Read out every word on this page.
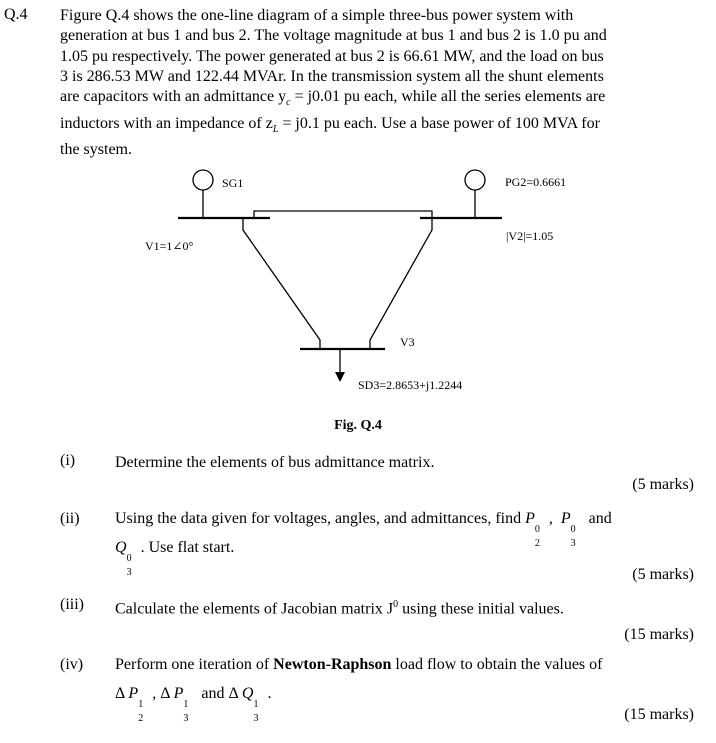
Q.4 Figure Q.4 shows the one-line diagram of a simple three-bus power system with
generation at bus 1 and bus 2. The voltage magnitude at bus 1 and bus 2 is 1.0 pu and
1.05 pu respectively. The power generated at bus 2 is 66.61 MW, and the load on bus
3 is 286.53 MW and 122.44 MVAr. In the transmission system all the shunt elements
are capacitors with an admittance $y_c = j0.01$ pu each, while all the series elements are
inductors with an impedance of $z_L = j0.1$ pu each. Use a base power of 100 MVA for
the system.
SG1	PG2=0.6661
V1=1∠0°
|V2|=1.05
V3
SD3=2.8653+j1.2244
Fig. Q.4
(i) Determine the elements of bus admittance matrix.
(5 marks)
(ii) Using the data given for voltages, angles, and admittances, find P
0
2
,  P
0
3
and
Q
0
3
. Use flat start.
(5 marks)
(iii) Calculate the elements of Jacobian matrix $J^0$ using these initial values.
(15 marks)
(iv) Perform one iteration of Newton-Raphson load flow to obtain the values of
Δ P
1
2
, Δ P
1
3
and Δ Q
1
3
.
(15 marks)
